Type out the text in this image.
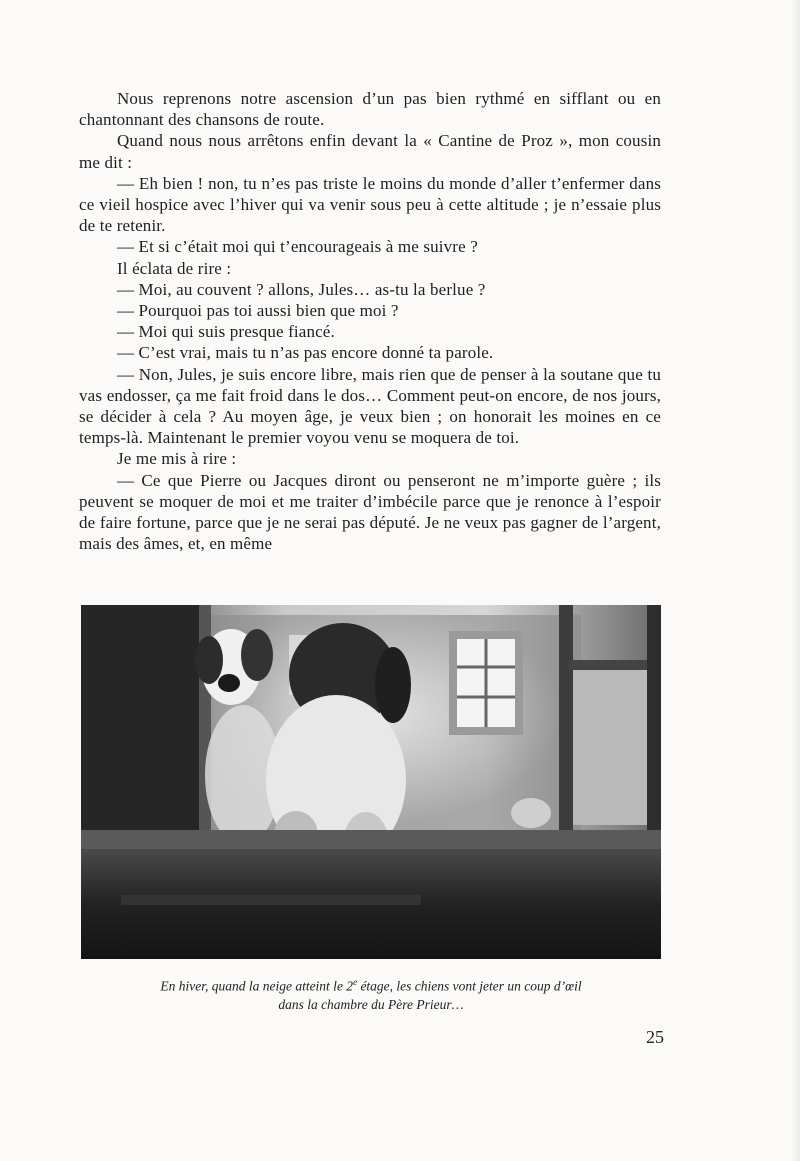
Nous reprenons notre ascension d’un pas bien rythmé en sifflant ou en chantonnant des chansons de route.

Quand nous nous arrêtons enfin devant la « Cantine de Proz », mon cousin me dit :

— Eh bien ! non, tu n’es pas triste le moins du monde d’aller t’enfermer dans ce vieil hospice avec l’hiver qui va venir sous peu à cette altitude ; je n’essaie plus de te retenir.

— Et si c’était moi qui t’encourageais à me suivre ?

Il éclata de rire :

— Moi, au couvent ? allons, Jules… as-tu la berlue ?

— Pourquoi pas toi aussi bien que moi ?

— Moi qui suis presque fiancé.

— C’est vrai, mais tu n’as pas encore donné ta parole.

— Non, Jules, je suis encore libre, mais rien que de penser à la soutane que tu vas endosser, ça me fait froid dans le dos… Comment peut-on encore, de nos jours, se décider à cela ? Au moyen âge, je veux bien ; on honorait les moines en ce temps-là. Maintenant le premier voyou venu se moquera de toi.

Je me mis à rire :

— Ce que Pierre ou Jacques diront ou penseront ne m’importe guère ; ils peuvent se moquer de moi et me traiter d’imbécile parce que je renonce à l’espoir de faire fortune, parce que je ne serai pas député. Je ne veux pas gagner de l’argent, mais des âmes, et, en même

En hiver, quand la neige atteint le 2e étage, les chiens vont jeter un coup d’œil
dans la chambre du Père Prieur…
25
